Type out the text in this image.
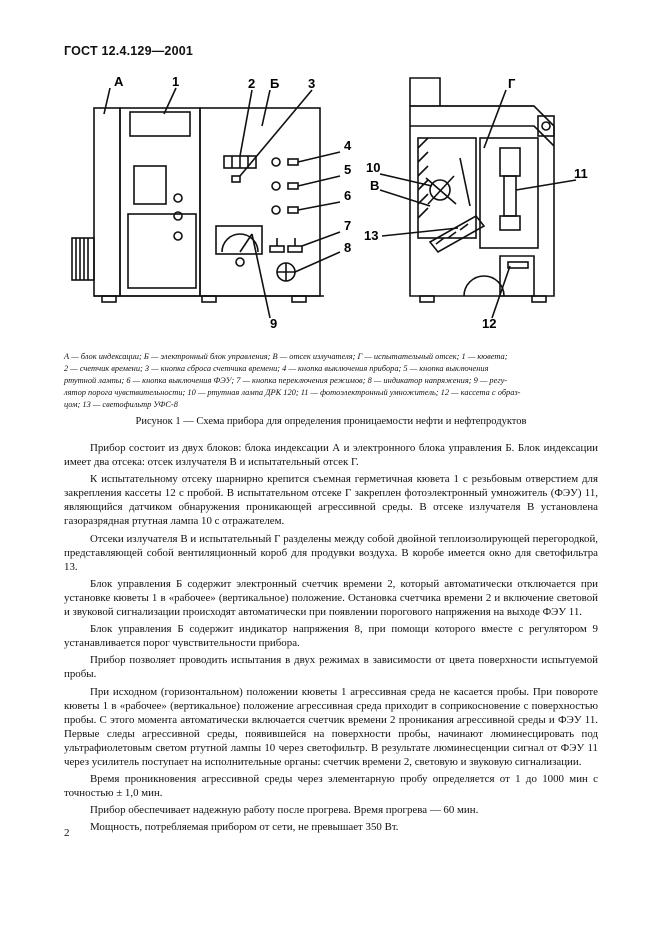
ГОСТ 12.4.129—2001
А	1	2 Б 3
4
5
6
7
8
9
Г
10
В
11
13
12
А — блок индексации; Б — электронный блок управления; В — отсек излучателя; Г — испытательный отсек; 1 — кювета;
2 — счетчик времени; 3 — кнопка сброса счетчика времени; 4 — кнопка выключения прибора; 5 — кнопка выключения
ртутной лампы; 6 — кнопка выключения ФЭУ; 7 — кнопка переключения режимов; 8 — индикатор напряжения; 9 — регу-
лятор порога чувствительности; 10 — ртутная лампа ДРК 120; 11 — фотоэлектронный умножитель; 12 — кассета с образ-
цом; 13 — светофильтр УФС-8
Рисунок 1 — Схема прибора для определения проницаемости нефти и нефтепродуктов

Прибор состоит из двух блоков: блока индексации А и электронного блока управления Б. Блок индексации имеет два отсека: отсек излучателя В и испытательный отсек Г.

К испытательному отсеку шарнирно крепится съемная герметичная кювета 1 с резьбовым отверстием для закрепления кассеты 12 с пробой. В испытательном отсеке Г закреплен фотоэлектронный умножитель (ФЭУ) 11, являющийся датчиком обнаружения проникающей агрессивной среды. В отсеке излучателя В установлена газоразрядная ртутная лампа 10 с отражателем.

Отсеки излучателя В и испытательный Г разделены между собой двойной теплоизолирующей перегородкой, представляющей собой вентиляционный короб для продувки воздуха. В коробе имеется окно для светофильтра 13.

Блок управления Б содержит электронный счетчик времени 2, который автоматически отключается при установке кюветы 1 в «рабочее» (вертикальное) положение. Остановка счетчика времени 2 и включение световой и звуковой сигнализации происходят автоматически при появлении порогового напряжения на выходе ФЭУ 11.

Блок управления Б содержит индикатор напряжения 8, при помощи которого вместе с регулятором 9 устанавливается порог чувствительности прибора.

Прибор позволяет проводить испытания в двух режимах в зависимости от цвета поверхности испытуемой пробы.

При исходном (горизонтальном) положении кюветы 1 агрессивная среда не касается пробы. При повороте кюветы 1 в «рабочее» (вертикальное) положение агрессивная среда приходит в соприкосновение с поверхностью пробы. С этого момента автоматически включается счетчик времени 2 проникания агрессивной среды и ФЭУ 11. Первые следы агрессивной среды, появившейся на поверхности пробы, начинают люминесцировать под ультрафиолетовым светом ртутной лампы 10 через светофильтр. В результате люминесценции сигнал от ФЭУ 11 через усилитель поступает на исполнительные органы: счетчик времени 2, световую и звуковую сигнализации.

Время проникновения агрессивной среды через элементарную пробу определяется от 1 до 1000 мин с точностью ± 1,0 мин.

Прибор обеспечивает надежную работу после прогрева. Время прогрева — 60 мин.

Мощность, потребляемая прибором от сети, не превышает 350 Вт.

2
